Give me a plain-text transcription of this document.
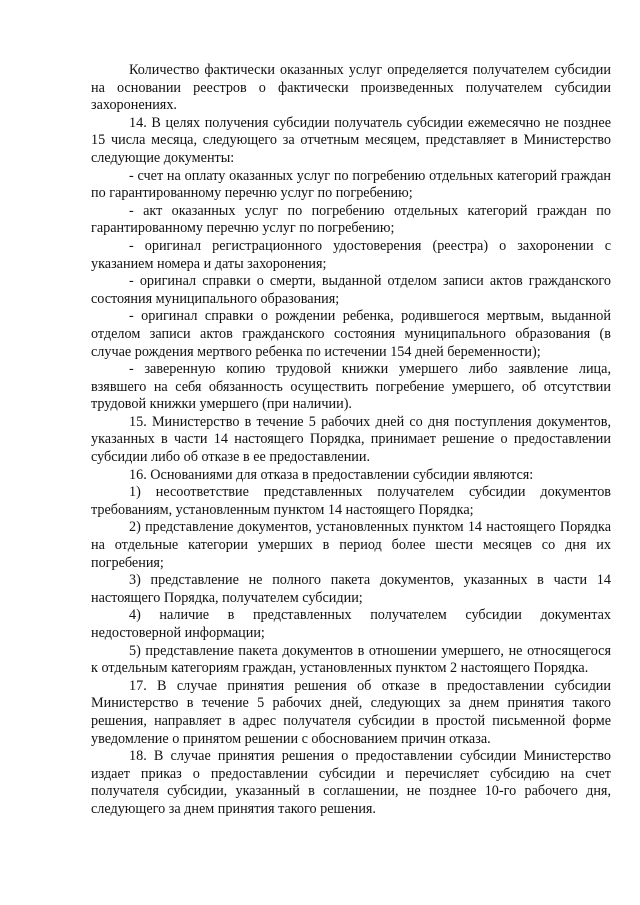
Количество фактически оказанных услуг определяется получателем субсидии на основании реестров о фактически произведенных получателем субсидии захоронениях.

14. В целях получения субсидии получатель субсидии ежемесячно не позднее 15 числа месяца, следующего за отчетным месяцем, представляет в Министерство следующие документы:

- счет на оплату оказанных услуг по погребению отдельных категорий граждан по гарантированному перечню услуг по погребению;

- акт оказанных услуг по погребению отдельных категорий граждан по гарантированному перечню услуг по погребению;

- оригинал регистрационного удостоверения (реестра) о захоронении с указанием номера и даты захоронения;

- оригинал справки о смерти, выданной отделом записи актов гражданского состояния муниципального образования;

- оригинал справки о рождении ребенка, родившегося мертвым, выданной отделом записи актов гражданского состояния муниципального образования (в случае рождения мертвого ребенка по истечении 154 дней беременности);

- заверенную копию трудовой книжки умершего либо заявление лица, взявшего на себя обязанность осуществить погребение умершего, об отсутствии трудовой книжки умершего (при наличии).

15. Министерство в течение 5 рабочих дней со дня поступления документов, указанных в части 14 настоящего Порядка, принимает решение о предоставлении субсидии либо об отказе в ее предоставлении.

16. Основаниями для отказа в предоставлении субсидии являются:

1) несоответствие представленных получателем субсидии документов требованиям, установленным пунктом 14 настоящего Порядка;

2) представление документов, установленных пунктом 14 настоящего Порядка на отдельные категории умерших в период более шести месяцев со дня их погребения;

3) представление не полного пакета документов, указанных в части 14 настоящего Порядка, получателем субсидии;

4) наличие в представленных получателем субсидии документах недостоверной информации;

5) представление пакета документов в отношении умершего, не относящегося к отдельным категориям граждан, установленных пунктом 2 настоящего Порядка.

17. В случае принятия решения об отказе в предоставлении субсидии Министерство в течение 5 рабочих дней, следующих за днем принятия такого решения, направляет в адрес получателя субсидии в простой письменной форме уведомление о принятом решении с обоснованием причин отказа.

18. В случае принятия решения о предоставлении субсидии Министерство издает приказ о предоставлении субсидии и перечисляет субсидию на счет получателя субсидии, указанный в соглашении, не позднее 10-го рабочего дня, следующего за днем принятия такого решения.
